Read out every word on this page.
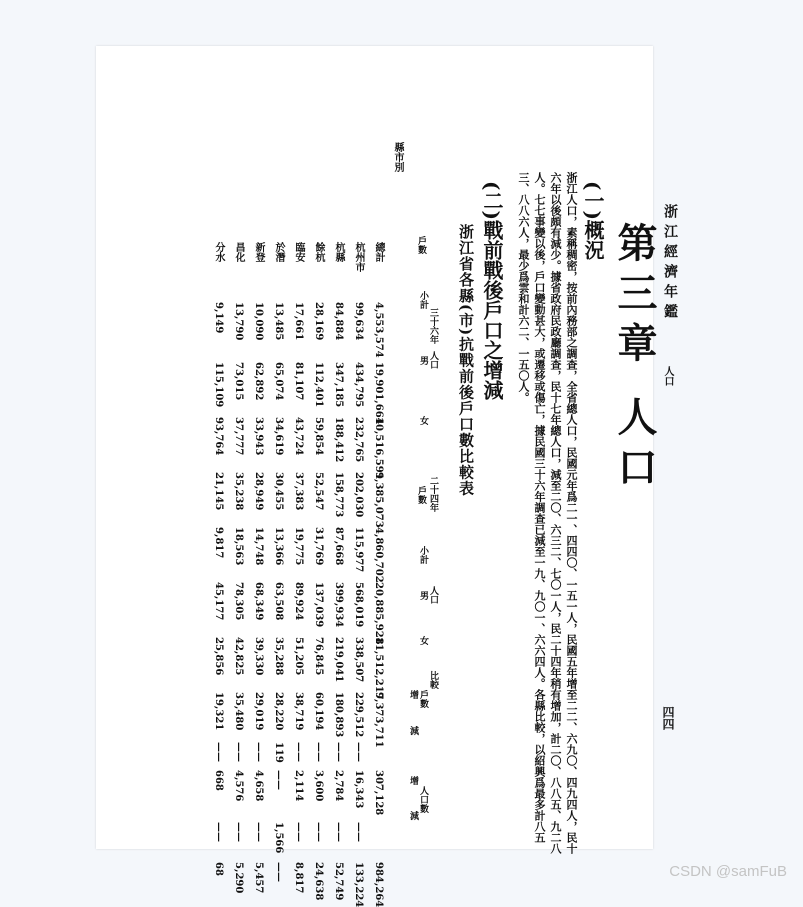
浙江經濟年鑑
人口
四四
第三章 人口
(一)概況
浙江人口，素稱稠密，按前內務部之調查，全省總人口，民國元年爲二一、四四〇、一五一人，民國五年增至二二、六九〇、四九四人，民十六年以後頗有減少。據省政府民政廳調查，民十七年總人口，減至二〇、六三二、七〇一人，民二十四年稍有增加，計二〇、八八五、九二八人。七七事變以後，戶口變動甚大，或遷移或傷亡，據民國三十六年調查已減至一九、九〇一、六六四人。各縣比較，以紹興爲最多計八五三、八八六人，最少爲雲和計六二、一五〇人。
(二)戰前戰後戶口之增減
浙江省各縣(市)抗戰前後戶口數比較表
三十六年
戶數
人口
小計
男
女
二十四年
戶數
人口
小計
男
女
比較
戶數
增
減
人口數
增
減
縣市別
總計
4,553,574
19,901,664
10,516,591
9,385,073
4,860,702
20,885,928
11,512,217
9,373,711
307,128
984,264
杭州市
99,634
434,795
232,765
202,030
115,977
568,019
338,507
229,512
——
16,343
——
133,224
杭縣
84,884
347,185
188,412
158,773
87,668
399,934
219,041
180,893
——
2,784
——
52,749
餘杭
28,169
112,401
59,854
52,547
31,769
137,039
76,845
60,194
——
3,600
——
24,638
臨安
17,661
81,107
43,724
37,383
19,775
89,924
51,205
38,719
——
2,114
——
8,817
於潛
13,485
65,074
34,619
30,455
13,366
63,508
35,288
28,220
119
——
1,566
——
新登
10,090
62,892
33,943
28,949
14,748
68,349
39,330
29,019
——
4,658
——
5,457
昌化
13,790
73,015
37,777
35,238
18,563
78,305
42,825
35,480
——
4,576
——
5,290
分水
9,149
115,109
93,764
21,145
9,817
45,177
25,856
19,321
——
668
——
68	CSDN @samFuB
